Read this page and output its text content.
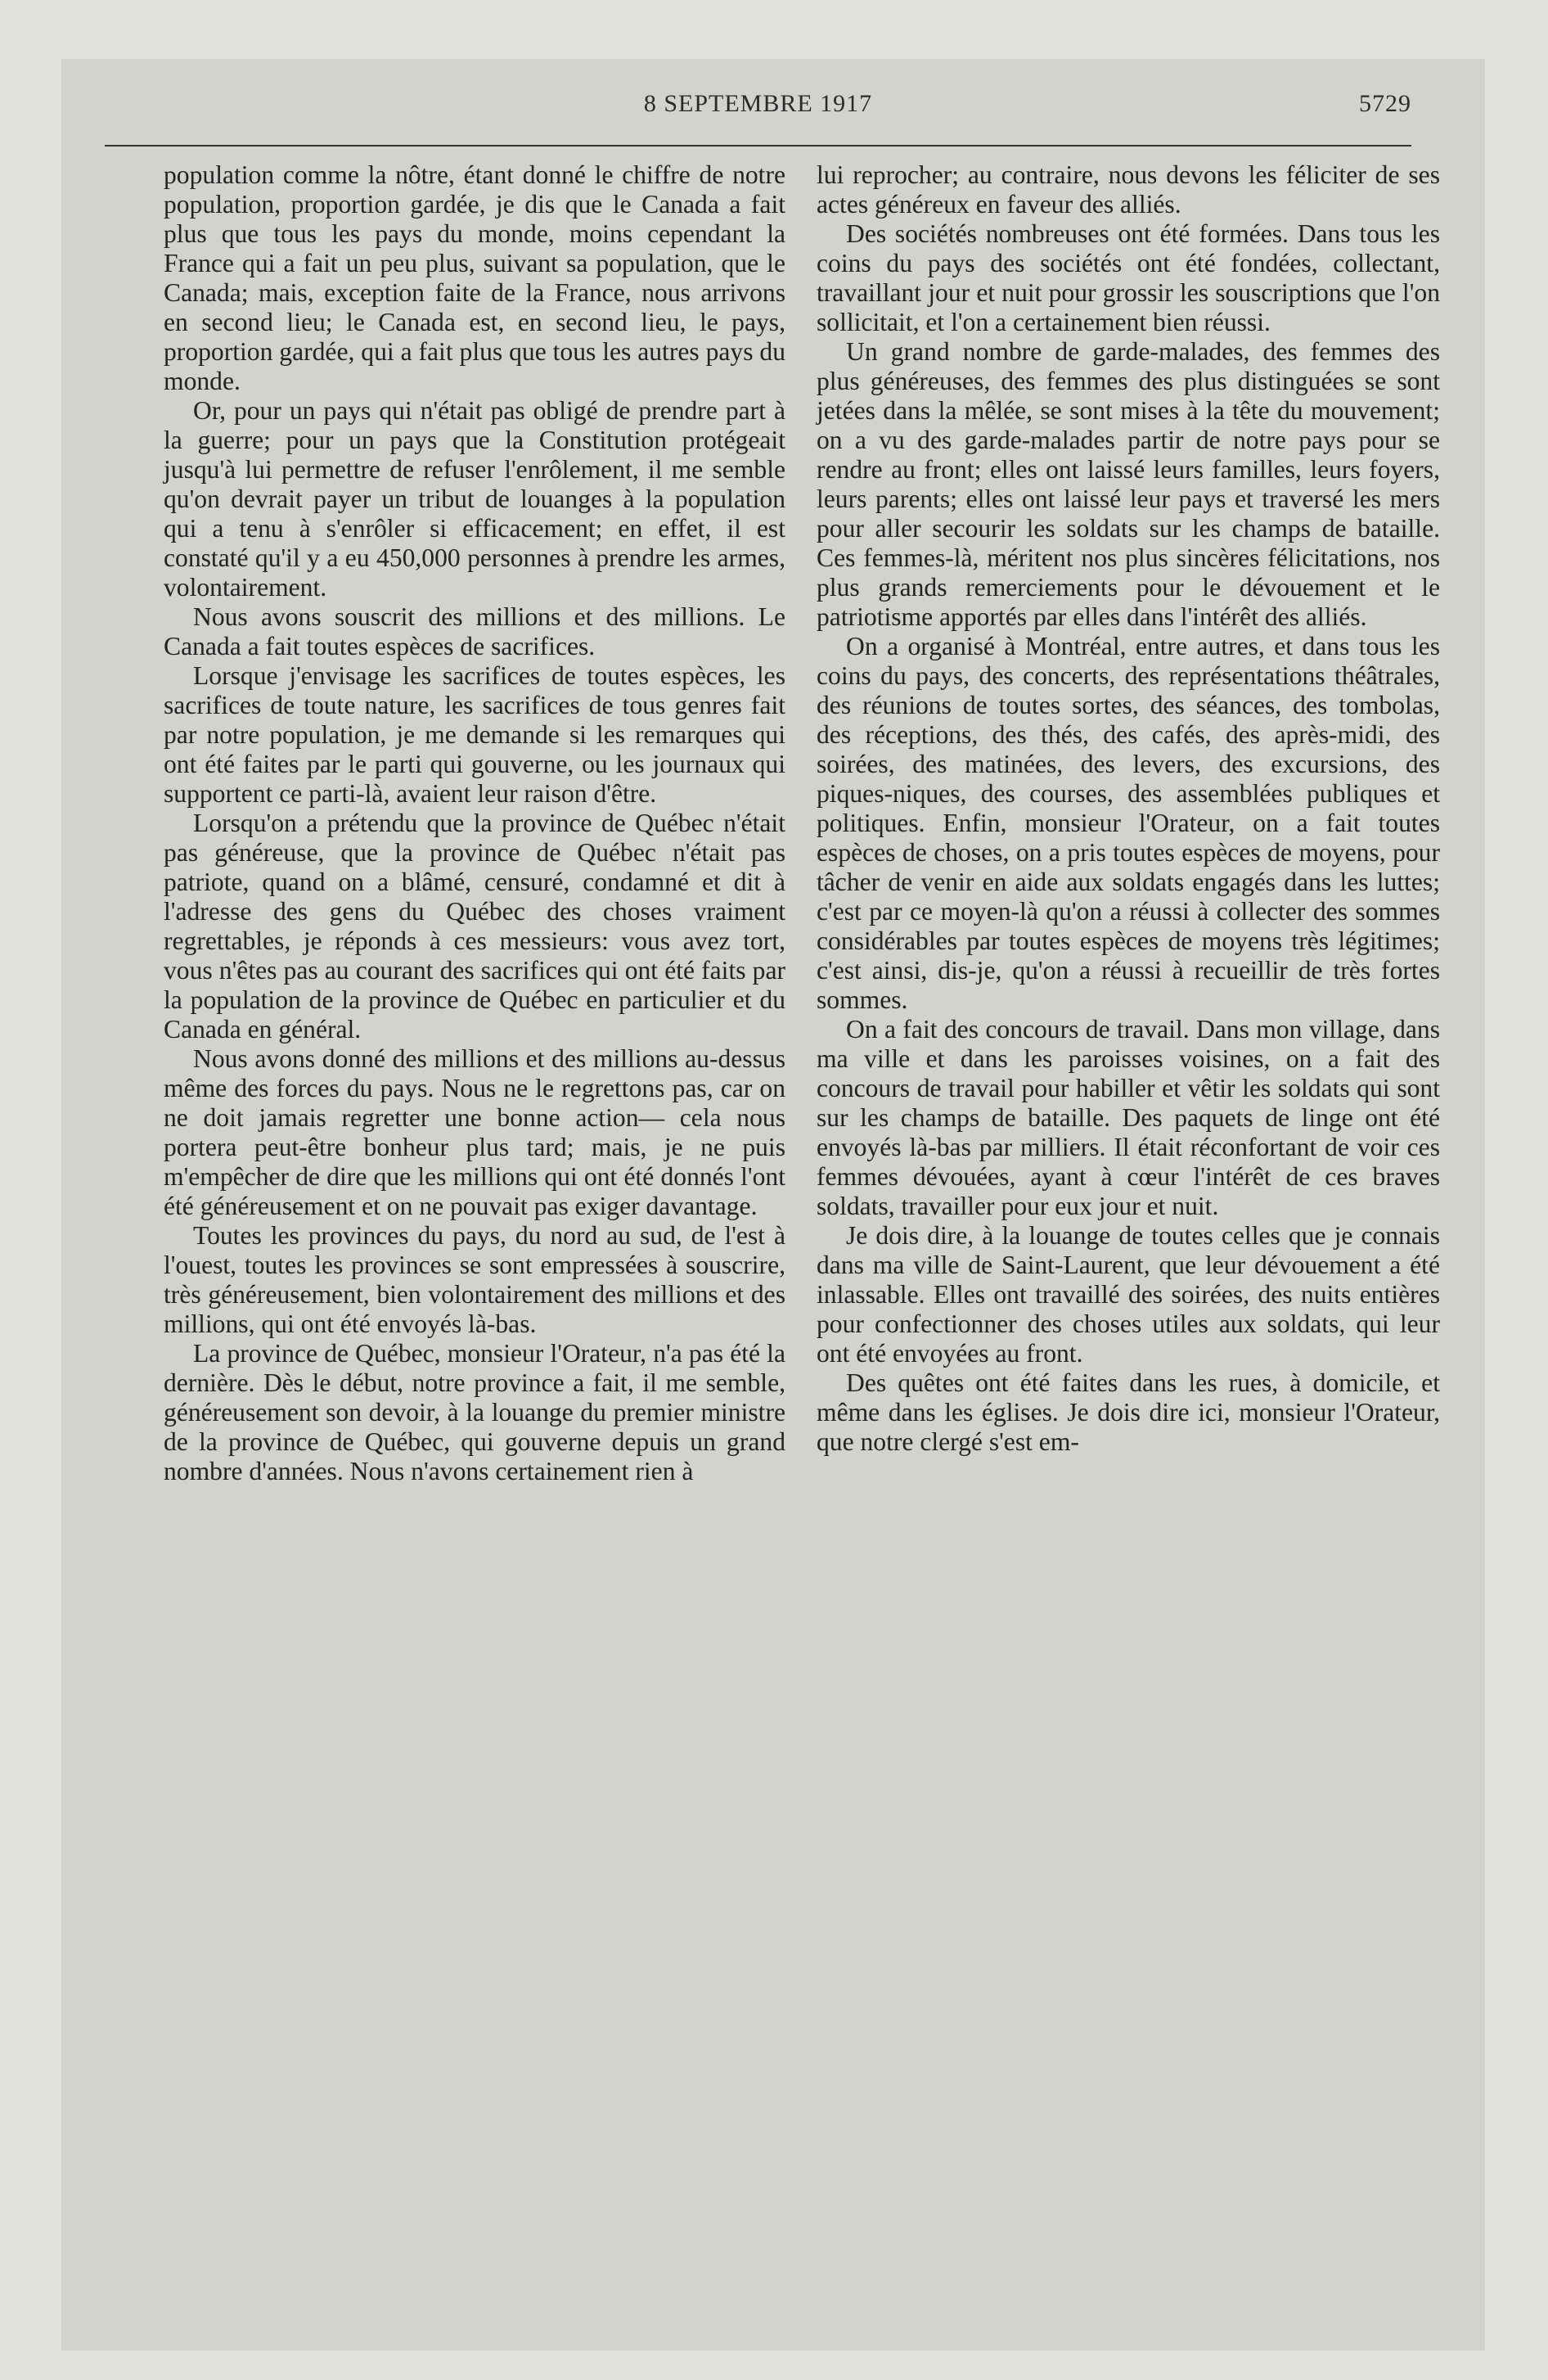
8 SEPTEMBRE 1917	5729

population comme la nôtre, étant donné le chiffre de notre population, proportion gardée, je dis que le Canada a fait plus que tous les pays du monde, moins cependant la France qui a fait un peu plus, suivant sa population, que le Canada; mais, exception faite de la France, nous arrivons en second lieu; le Canada est, en second lieu, le pays, proportion gardée, qui a fait plus que tous les autres pays du monde.

Or, pour un pays qui n'était pas obligé de prendre part à la guerre; pour un pays que la Constitution protégeait jusqu'à lui permettre de refuser l'enrôlement, il me semble qu'on devrait payer un tribut de louanges à la population qui a tenu à s'enrôler si efficacement; en effet, il est constaté qu'il y a eu 450,000 personnes à prendre les armes, volontairement.

Nous avons souscrit des millions et des millions. Le Canada a fait toutes espèces de sacrifices.

Lorsque j'envisage les sacrifices de toutes espèces, les sacrifices de toute nature, les sacrifices de tous genres fait par notre population, je me demande si les remarques qui ont été faites par le parti qui gouverne, ou les journaux qui supportent ce parti-là, avaient leur raison d'être.

Lorsqu'on a prétendu que la province de Québec n'était pas généreuse, que la province de Québec n'était pas patriote, quand on a blâmé, censuré, condamné et dit à l'adresse des gens du Québec des choses vraiment regrettables, je réponds à ces messieurs: vous avez tort, vous n'êtes pas au courant des sacrifices qui ont été faits par la population de la province de Québec en particulier et du Canada en général.

Nous avons donné des millions et des millions au-dessus même des forces du pays. Nous ne le regrettons pas, car on ne doit jamais regretter une bonne action— cela nous portera peut-être bonheur plus tard; mais, je ne puis m'empêcher de dire que les millions qui ont été donnés l'ont été généreusement et on ne pouvait pas exiger davantage.

Toutes les provinces du pays, du nord au sud, de l'est à l'ouest, toutes les provinces se sont empressées à souscrire, très généreusement, bien volontairement des millions et des millions, qui ont été envoyés là-bas.

La province de Québec, monsieur l'Orateur, n'a pas été la dernière. Dès le début, notre province a fait, il me semble, généreusement son devoir, à la louange du premier ministre de la province de Québec, qui gouverne depuis un grand nombre d'années. Nous n'avons certainement rien à

lui reprocher; au contraire, nous devons les féliciter de ses actes généreux en faveur des alliés.

Des sociétés nombreuses ont été formées. Dans tous les coins du pays des sociétés ont été fondées, collectant, travaillant jour et nuit pour grossir les souscriptions que l'on sollicitait, et l'on a certainement bien réussi.

Un grand nombre de garde-malades, des femmes des plus généreuses, des femmes des plus distinguées se sont jetées dans la mêlée, se sont mises à la tête du mouvement; on a vu des garde-malades partir de notre pays pour se rendre au front; elles ont laissé leurs familles, leurs foyers, leurs parents; elles ont laissé leur pays et traversé les mers pour aller secourir les soldats sur les champs de bataille. Ces femmes-là, méritent nos plus sincères félicitations, nos plus grands remerciements pour le dévouement et le patriotisme apportés par elles dans l'intérêt des alliés.

On a organisé à Montréal, entre autres, et dans tous les coins du pays, des concerts, des représentations théâtrales, des réunions de toutes sortes, des séances, des tombolas, des réceptions, des thés, des cafés, des après-midi, des soirées, des matinées, des levers, des excursions, des piques-niques, des courses, des assemblées publiques et politiques. Enfin, monsieur l'Orateur, on a fait toutes espèces de choses, on a pris toutes espèces de moyens, pour tâcher de venir en aide aux soldats engagés dans les luttes; c'est par ce moyen-là qu'on a réussi à collecter des sommes considérables par toutes espèces de moyens très légitimes; c'est ainsi, dis-je, qu'on a réussi à recueillir de très fortes sommes.

On a fait des concours de travail. Dans mon village, dans ma ville et dans les paroisses voisines, on a fait des concours de travail pour habiller et vêtir les soldats qui sont sur les champs de bataille. Des paquets de linge ont été envoyés là-bas par milliers. Il était réconfortant de voir ces femmes dévouées, ayant à cœur l'intérêt de ces braves soldats, travailler pour eux jour et nuit.

Je dois dire, à la louange de toutes celles que je connais dans ma ville de Saint-Laurent, que leur dévouement a été inlassable. Elles ont travaillé des soirées, des nuits entières pour confectionner des choses utiles aux soldats, qui leur ont été envoyées au front.

Des quêtes ont été faites dans les rues, à domicile, et même dans les églises. Je dois dire ici, monsieur l'Orateur, que notre clergé s'est em-
